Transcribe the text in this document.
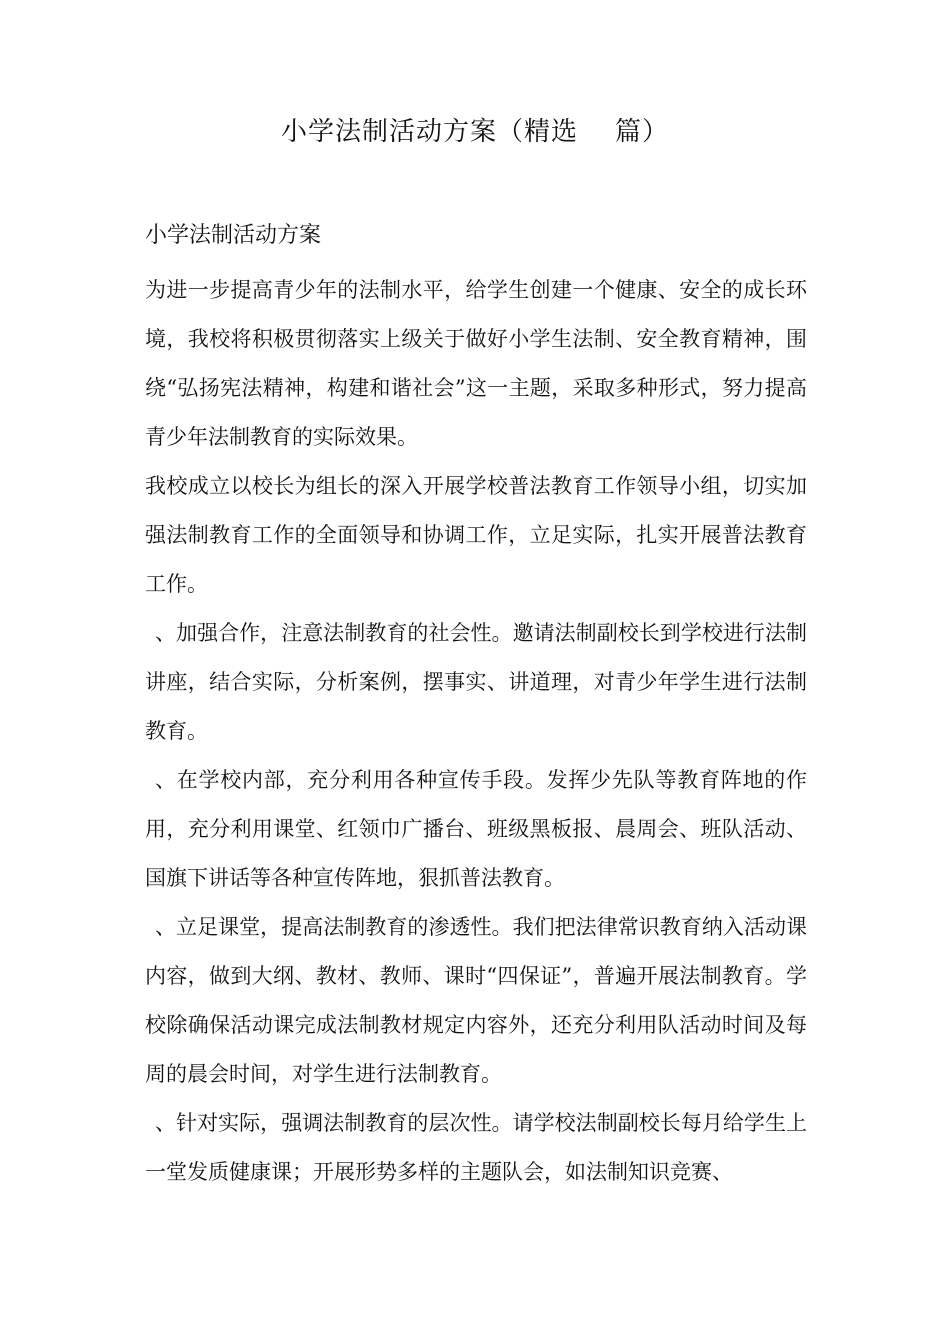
小学法制活动方案（精选    篇）

小学法制活动方案

为进一步提高青少年的法制水平，给学生创建一个健康、安全的成长环境，我校将积极贯彻落实上级关于做好小学生法制、安全教育精神，围绕“弘扬宪法精神，构建和谐社会”这一主题，采取多种形式，努力提高青少年法制教育的实际效果。

我校成立以校长为组长的深入开展学校普法教育工作领导小组，切实加强法制教育工作的全面领导和协调工作，立足实际，扎实开展普法教育工作。

、加强合作，注意法制教育的社会性。邀请法制副校长到学校进行法制讲座，结合实际，分析案例，摆事实、讲道理，对青少年学生进行法制教育。

、在学校内部，充分利用各种宣传手段。发挥少先队等教育阵地的作用，充分利用课堂、红领巾广播台、班级黑板报、晨周会、班队活动、国旗下讲话等各种宣传阵地，狠抓普法教育。

、立足课堂，提高法制教育的渗透性。我们把法律常识教育纳入活动课内容，做到大纲、教材、教师、课时“四保证”，普遍开展法制教育。学校除确保活动课完成法制教材规定内容外，还充分利用队活动时间及每周的晨会时间，对学生进行法制教育。

、针对实际，强调法制教育的层次性。请学校法制副校长每月给学生上一堂发质健康课；开展形势多样的主题队会，如法制知识竞赛、
